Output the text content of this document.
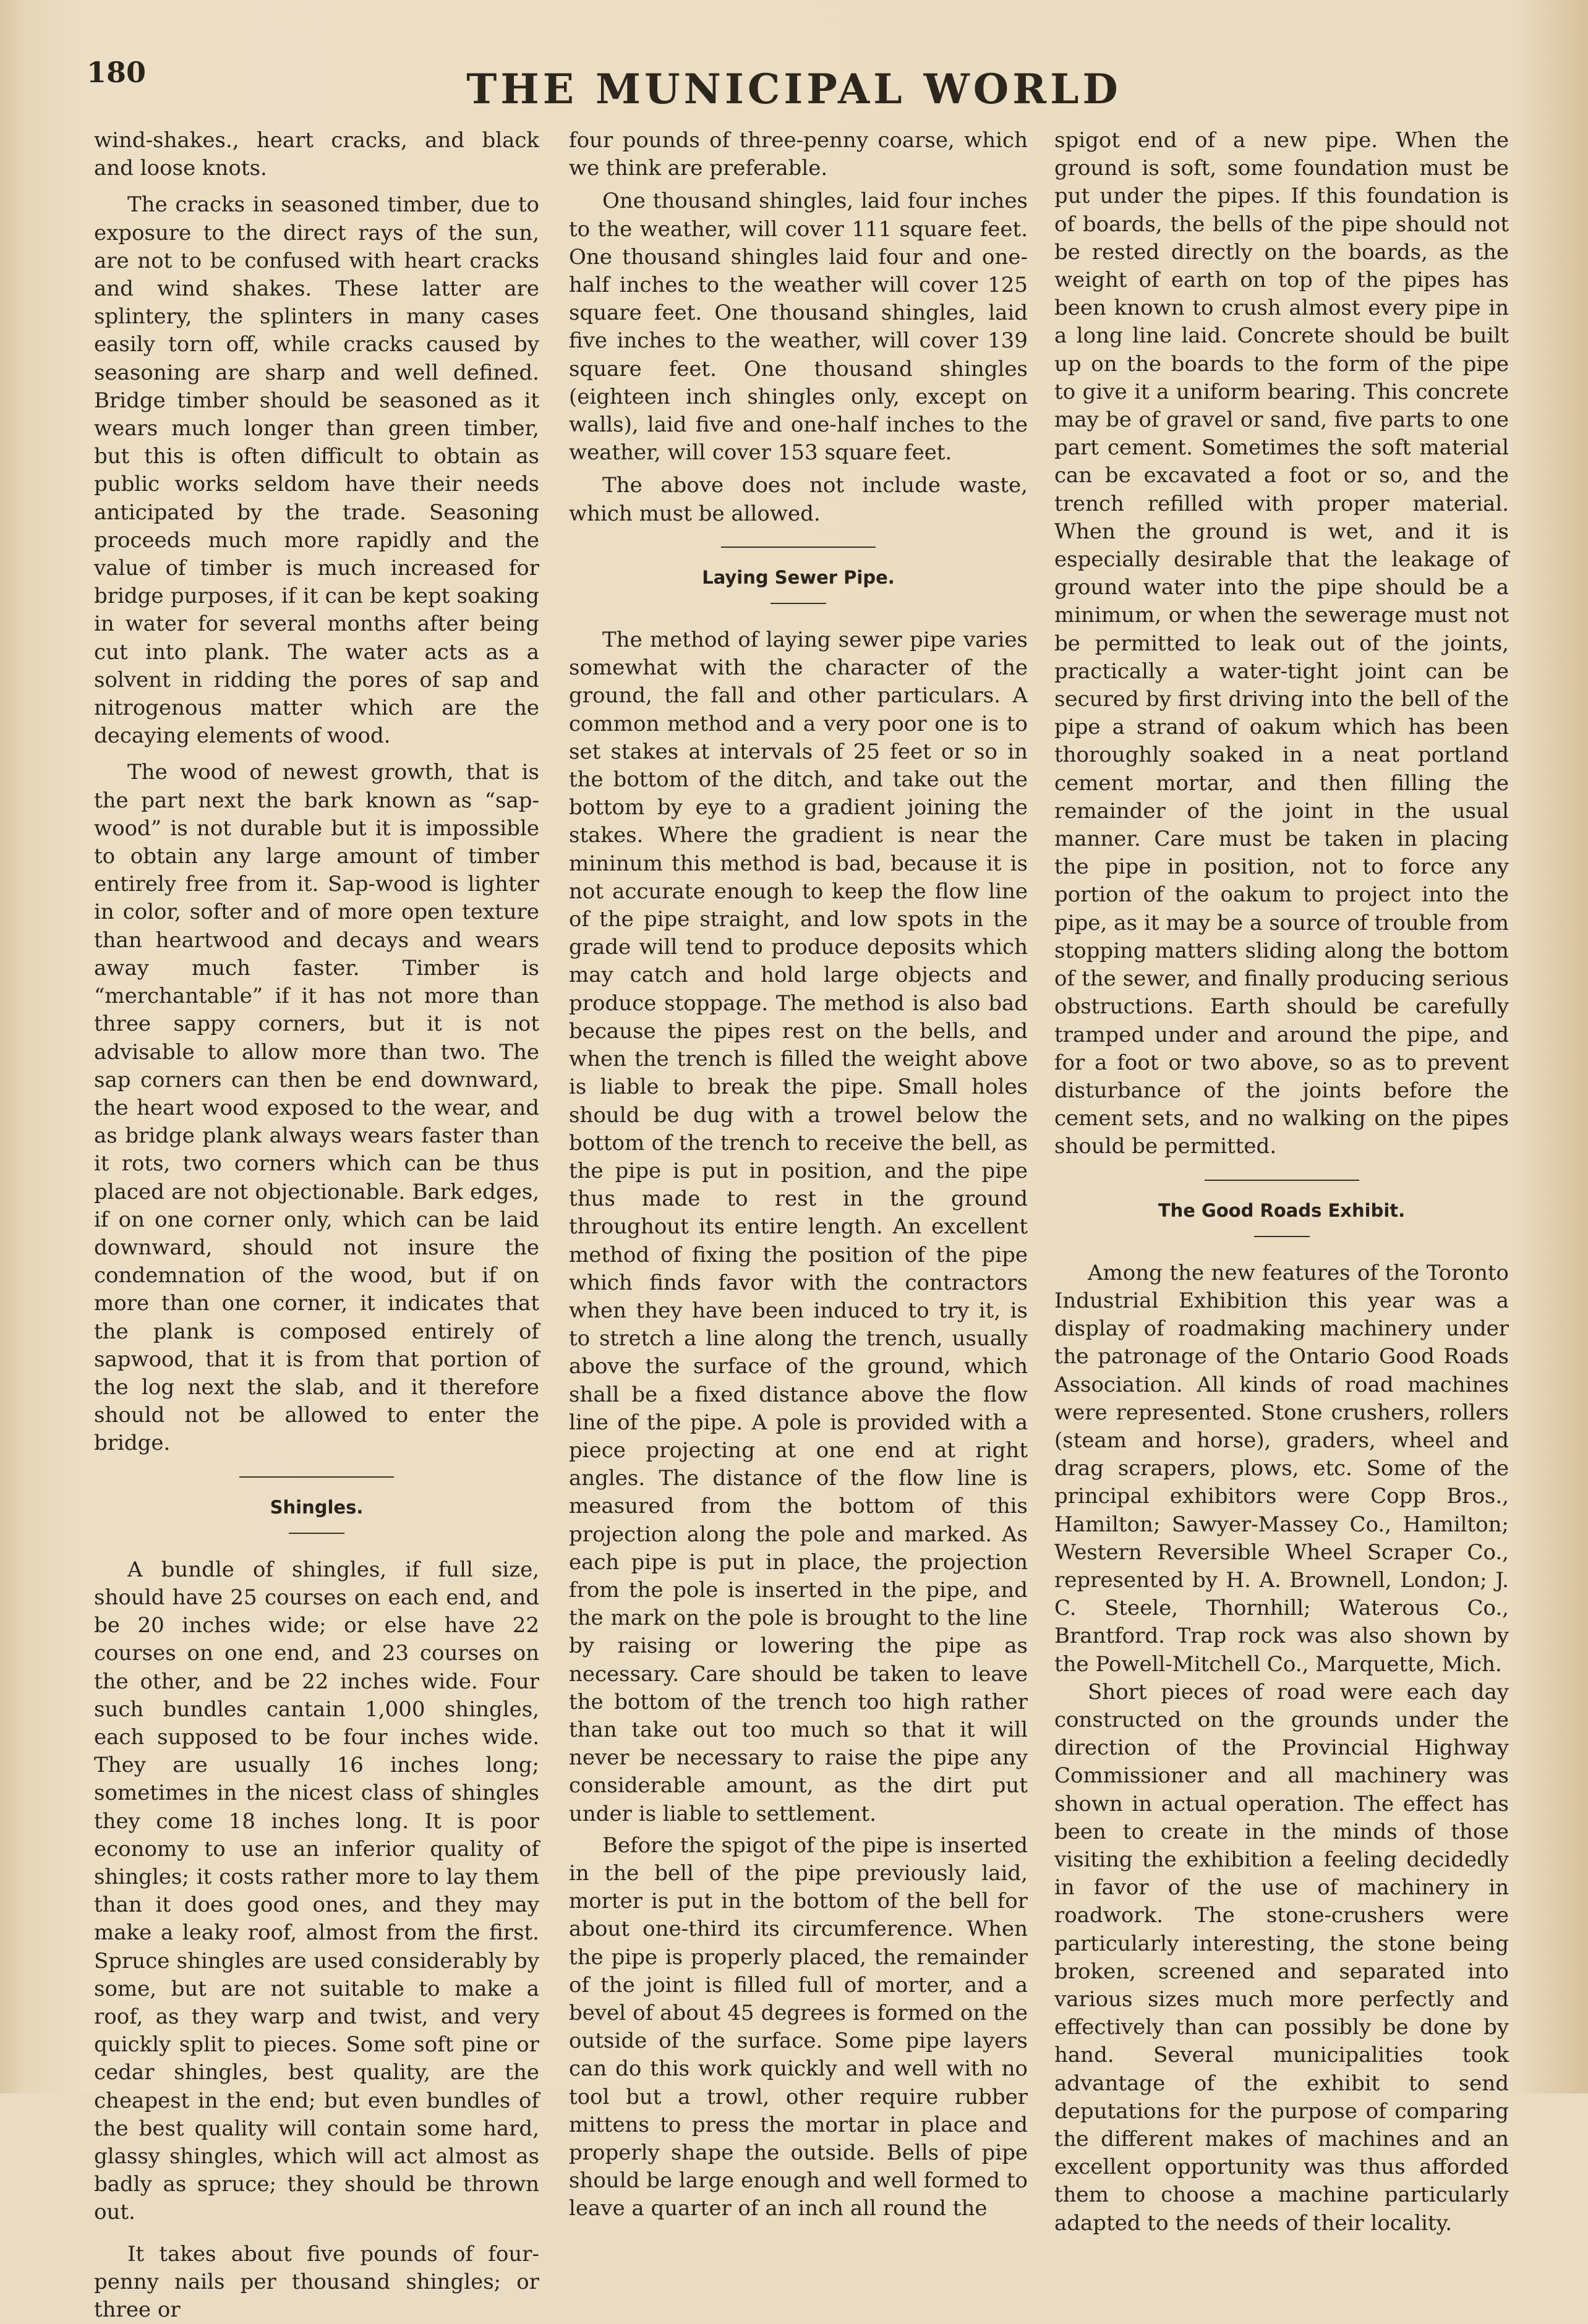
180	THE MUNICIPAL WORLD

wind-shakes., heart cracks, and black and loose knots.

The cracks in seasoned timber, due to exposure to the direct rays of the sun, are not to be confused with heart cracks and wind shakes. These latter are splintery, the splinters in many cases easily torn off, while cracks caused by seasoning are sharp and well defined. Bridge timber should be seasoned as it wears much longer than green timber, but this is often difficult to obtain as public works seldom have their needs anticipated by the trade. Seasoning proceeds much more rapidly and the value of timber is much increased for bridge purposes, if it can be kept soaking in water for several months after being cut into plank. The water acts as a solvent in ridding the pores of sap and nitrogenous matter which are the decaying elements of wood.

The wood of newest growth, that is the part next the bark known as “sap-wood” is not durable but it is impossible to obtain any large amount of timber entirely free from it. Sap-wood is lighter in color, softer and of more open texture than heartwood and decays and wears away much faster. Timber is “merchantable” if it has not more than three sappy corners, but it is not advisable to allow more than two. The sap corners can then be end downward, the heart wood exposed to the wear, and as bridge plank always wears faster than it rots, two corners which can be thus placed are not objectionable. Bark edges, if on one corner only, which can be laid downward, should not insure the condemnation of the wood, but if on more than one corner, it indicates that the plank is composed entirely of sapwood, that it is from that portion of the log next the slab, and it therefore should not be allowed to enter the bridge.

Shingles.

A bundle of shingles, if full size, should have 25 courses on each end, and be 20 inches wide; or else have 22 courses on one end, and 23 courses on the other, and be 22 inches wide. Four such bundles cantain 1,000 shingles, each supposed to be four inches wide. They are usually 16 inches long; sometimes in the nicest class of shingles they come 18 inches long. It is poor economy to use an inferior quality of shingles; it costs rather more to lay them than it does good ones, and they may make a leaky roof, almost from the first. Spruce shingles are used considerably by some, but are not suitable to make a roof, as they warp and twist, and very quickly split to pieces. Some soft pine or cedar shingles, best quality, are the cheapest in the end; but even bundles of the best quality will contain some hard, glassy shingles, which will act almost as badly as spruce; they should be thrown out.

It takes about five pounds of four-penny nails per thousand shingles; or three or

four pounds of three-penny coarse, which we think are preferable.

One thousand shingles, laid four inches to the weather, will cover 111 square feet. One thousand shingles laid four and one-half inches to the weather will cover 125 square feet. One thousand shingles, laid five inches to the weather, will cover 139 square feet. One thousand shingles (eighteen inch shingles only, except on walls), laid five and one-half inches to the weather, will cover 153 square feet.

The above does not include waste, which must be allowed.

Laying Sewer Pipe.

The method of laying sewer pipe varies somewhat with the character of the ground, the fall and other particulars. A common method and a very poor one is to set stakes at intervals of 25 feet or so in the bottom of the ditch, and take out the bottom by eye to a gradient joining the stakes. Where the gradient is near the mininum this method is bad, because it is not accurate enough to keep the flow line of the pipe straight, and low spots in the grade will tend to produce deposits which may catch and hold large objects and produce stoppage. The method is also bad because the pipes rest on the bells, and when the trench is filled the weight above is liable to break the pipe. Small holes should be dug with a trowel below the bottom of the trench to receive the bell, as the pipe is put in position, and the pipe thus made to rest in the ground throughout its entire length. An excellent method of fixing the position of the pipe which finds favor with the contractors when they have been induced to try it, is to stretch a line along the trench, usually above the surface of the ground, which shall be a fixed distance above the flow line of the pipe. A pole is provided with a piece projecting at one end at right angles. The distance of the flow line is measured from the bottom of this projection along the pole and marked. As each pipe is put in place, the projection from the pole is inserted in the pipe, and the mark on the pole is brought to the line by raising or lowering the pipe as necessary. Care should be taken to leave the bottom of the trench too high rather than take out too much so that it will never be necessary to raise the pipe any considerable amount, as the dirt put under is liable to settlement.

Before the spigot of the pipe is inserted in the bell of the pipe previously laid, morter is put in the bottom of the bell for about one-third its circumference. When the pipe is properly placed, the remainder of the joint is filled full of morter, and a bevel of about 45 degrees is formed on the outside of the surface. Some pipe layers can do this work quickly and well with no tool but a trowl, other require rubber mittens to press the mortar in place and properly shape the outside. Bells of pipe should be large enough and well formed to leave a quarter of an inch all round the

spigot end of a new pipe. When the ground is soft, some foundation must be put under the pipes. If this foundation is of boards, the bells of the pipe should not be rested directly on the boards, as the weight of earth on top of the pipes has been known to crush almost every pipe in a long line laid. Concrete should be built up on the boards to the form of the pipe to give it a uniform bearing. This concrete may be of gravel or sand, five parts to one part cement. Sometimes the soft material can be excavated a foot or so, and the trench refilled with proper material. When the ground is wet, and it is especially desirable that the leakage of ground water into the pipe should be a minimum, or when the sewerage must not be permitted to leak out of the joints, practically a water-tight joint can be secured by first driving into the bell of the pipe a strand of oakum which has been thoroughly soaked in a neat portland cement mortar, and then filling the remainder of the joint in the usual manner. Care must be taken in placing the pipe in position, not to force any portion of the oakum to project into the pipe, as it may be a source of trouble from stopping matters sliding along the bottom of the sewer, and finally producing serious obstructions. Earth should be carefully tramped under and around the pipe, and for a foot or two above, so as to prevent disturbance of the joints before the cement sets, and no walking on the pipes should be permitted.

The Good Roads Exhibit.

Among the new features of the Toronto Industrial Exhibition this year was a display of roadmaking machinery under the patronage of the Ontario Good Roads Association. All kinds of road machines were represented. Stone crushers, rollers (steam and horse), graders, wheel and drag scrapers, plows, etc. Some of the principal exhibitors were Copp Bros., Hamilton; Sawyer-Massey Co., Hamilton; Western Reversible Wheel Scraper Co., represented by H. A. Brownell, London; J. C. Steele, Thornhill; Waterous Co., Brantford. Trap rock was also shown by the Powell-Mitchell Co., Marquette, Mich.

Short pieces of road were each day constructed on the grounds under the direction of the Provincial Highway Commissioner and all machinery was shown in actual operation. The effect has been to create in the minds of those visiting the exhibition a feeling decidedly in favor of the use of machinery in roadwork. The stone-crushers were particularly interesting, the stone being broken, screened and separated into various sizes much more perfectly and effectively than can possibly be done by hand. Several municipalities took advantage of the exhibit to send deputations for the purpose of comparing the different makes of machines and an excellent opportunity was thus afforded them to choose a machine particularly adapted to the needs of their locality.
